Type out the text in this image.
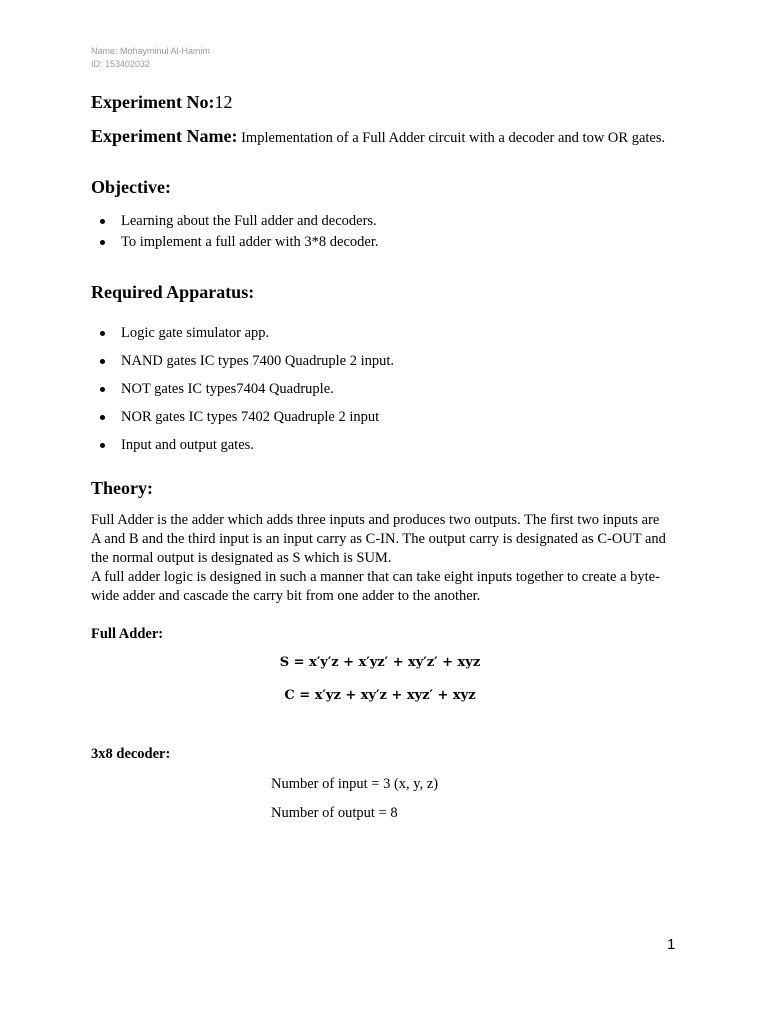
Name: Mohayminul Al-Hamim
ID: 153402032
Experiment No:12
Experiment Name: Implementation of a Full Adder circuit with a decoder and tow OR gates.
Objective:
Learning about the Full adder and decoders.
To implement a full adder with 3*8 decoder.
Required Apparatus:
Logic gate simulator app.
NAND gates IC types 7400 Quadruple 2 input.
NOT gates IC types7404 Quadruple.
NOR gates IC types 7402 Quadruple 2 input
Input and output gates.
Theory:

Full Adder is the adder which adds three inputs and produces two outputs. The first two inputs are A and B and the third input is an input carry as C-IN. The output carry is designated as C-OUT and the normal output is designated as S which is SUM.

A full adder logic is designed in such a manner that can take eight inputs together to create a byte-wide adder and cascade the carry bit from one adder to the another.

Full Adder:
S = x′y′z + x′yz′ + xy′z′ + xyz
C = x′yz + xy′z + xyz′ + xyz
3x8 decoder:
Number of input = 3 (x, y, z)
Number of output = 8
1
